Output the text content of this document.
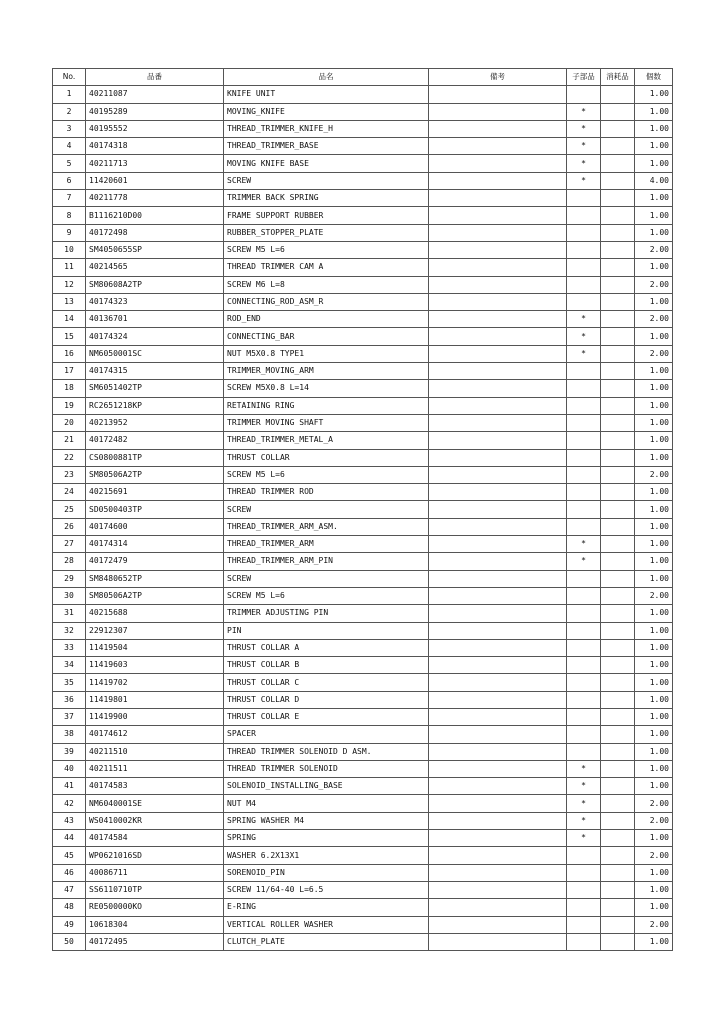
No.	品番	品名	備考	子部品	消耗品	個数
1	40211087	KNIFE UNIT				1.00
2	40195289	MOVING_KNIFE		*		1.00
3	40195552	THREAD_TRIMMER_KNIFE_H		*		1.00
4	40174318	THREAD_TRIMMER_BASE		*		1.00
5	40211713	MOVING KNIFE BASE		*		1.00
6	11420601	SCREW		*		4.00
7	40211778	TRIMMER BACK SPRING				1.00
8	B1116210D00	FRAME SUPPORT RUBBER				1.00
9	40172498	RUBBER_STOPPER_PLATE				1.00
10	SM4050655SP	SCREW M5 L=6				2.00
11	40214565	THREAD TRIMMER CAM A				1.00
12	SM80608A2TP	SCREW M6 L=8				2.00
13	40174323	CONNECTING_ROD_ASM_R				1.00
14	40136701	ROD_END		*		2.00
15	40174324	CONNECTING_BAR		*		1.00
16	NM6050001SC	NUT M5X0.8 TYPE1		*		2.00
17	40174315	TRIMMER_MOVING_ARM				1.00
18	SM6051402TP	SCREW M5X0.8 L=14				1.00
19	RC2651218KP	RETAINING RING				1.00
20	40213952	TRIMMER MOVING SHAFT				1.00
21	40172482	THREAD_TRIMMER_METAL_A				1.00
22	CS0800881TP	THRUST COLLAR				1.00
23	SM80506A2TP	SCREW M5 L=6				2.00
24	40215691	THREAD TRIMMER ROD				1.00
25	SD0500403TP	SCREW				1.00
26	40174600	THREAD_TRIMMER_ARM_ASM.				1.00
27	40174314	THREAD_TRIMMER_ARM		*		1.00
28	40172479	THREAD_TRIMMER_ARM_PIN		*		1.00
29	SM8480652TP	SCREW				1.00
30	SM80506A2TP	SCREW M5 L=6				2.00
31	40215688	TRIMMER ADJUSTING PIN				1.00
32	22912307	PIN				1.00
33	11419504	THRUST COLLAR A				1.00
34	11419603	THRUST COLLAR B				1.00
35	11419702	THRUST COLLAR C				1.00
36	11419801	THRUST COLLAR D				1.00
37	11419900	THRUST COLLAR E				1.00
38	40174612	SPACER				1.00
39	40211510	THREAD TRIMMER SOLENOID D ASM.				1.00
40	40211511	THREAD TRIMMER SOLENOID		*		1.00
41	40174583	SOLENOID_INSTALLING_BASE		*		1.00
42	NM6040001SE	NUT M4		*		2.00
43	WS0410002KR	SPRING WASHER M4		*		2.00
44	40174584	SPRING		*		1.00
45	WP0621016SD	WASHER 6.2X13X1				2.00
46	40086711	SORENOID_PIN				1.00
47	SS6110710TP	SCREW 11/64-40 L=6.5				1.00
48	RE0500000KO	E-RING				1.00
49	10618304	VERTICAL ROLLER WASHER				2.00
50	40172495	CLUTCH_PLATE				1.00
